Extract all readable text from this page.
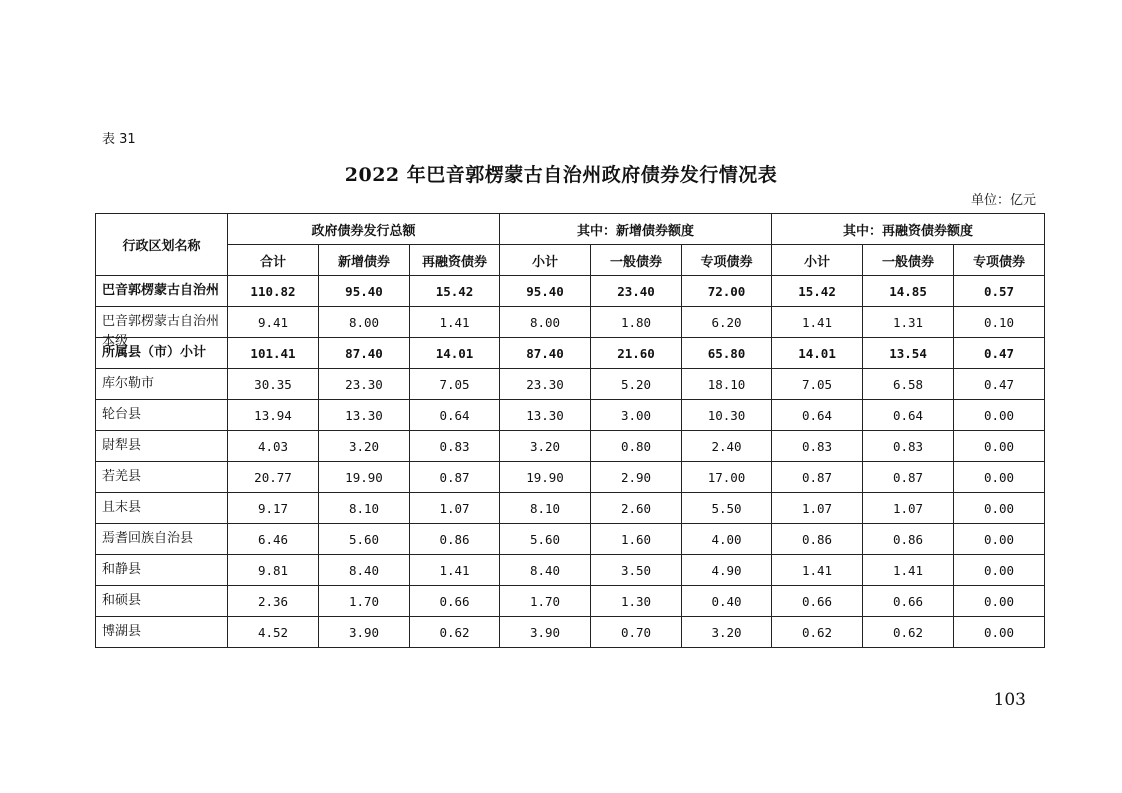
表 31
2022 年巴音郭楞蒙古自治州政府债券发行情况表
单位：亿元
行政区划名称	政府债券发行总额			其中：新增债券额度			其中：再融资债券额度		
	合计	新增债券	再融资债券	小计	一般债券	专项债券	小计	一般债券	专项债券

巴音郭楞蒙古自治州	110.82	95.40	15.42	95.40	23.40	72.00	15.42	14.85	0.57

巴音郭楞蒙古自治州本级	9.41	8.00	1.41	8.00	1.80	6.20	1.41	1.31	0.10

所属县（市）小计	101.41	87.40	14.01	87.40	21.60	65.80	14.01	13.54	0.47

库尔勒市	30.35	23.30	7.05	23.30	5.20	18.10	7.05	6.58	0.47

轮台县	13.94	13.30	0.64	13.30	3.00	10.30	0.64	0.64	0.00

尉犁县	4.03	3.20	0.83	3.20	0.80	2.40	0.83	0.83	0.00

若羌县	20.77	19.90	0.87	19.90	2.90	17.00	0.87	0.87	0.00

且末县	9.17	8.10	1.07	8.10	2.60	5.50	1.07	1.07	0.00

焉耆回族自治县	6.46	5.60	0.86	5.60	1.60	4.00	0.86	0.86	0.00

和静县	9.81	8.40	1.41	8.40	3.50	4.90	1.41	1.41	0.00

和硕县	2.36	1.70	0.66	1.70	1.30	0.40	0.66	0.66	0.00

博湖县	4.52	3.90	0.62	3.90	0.70	3.20	0.62	0.62	0.00
103
